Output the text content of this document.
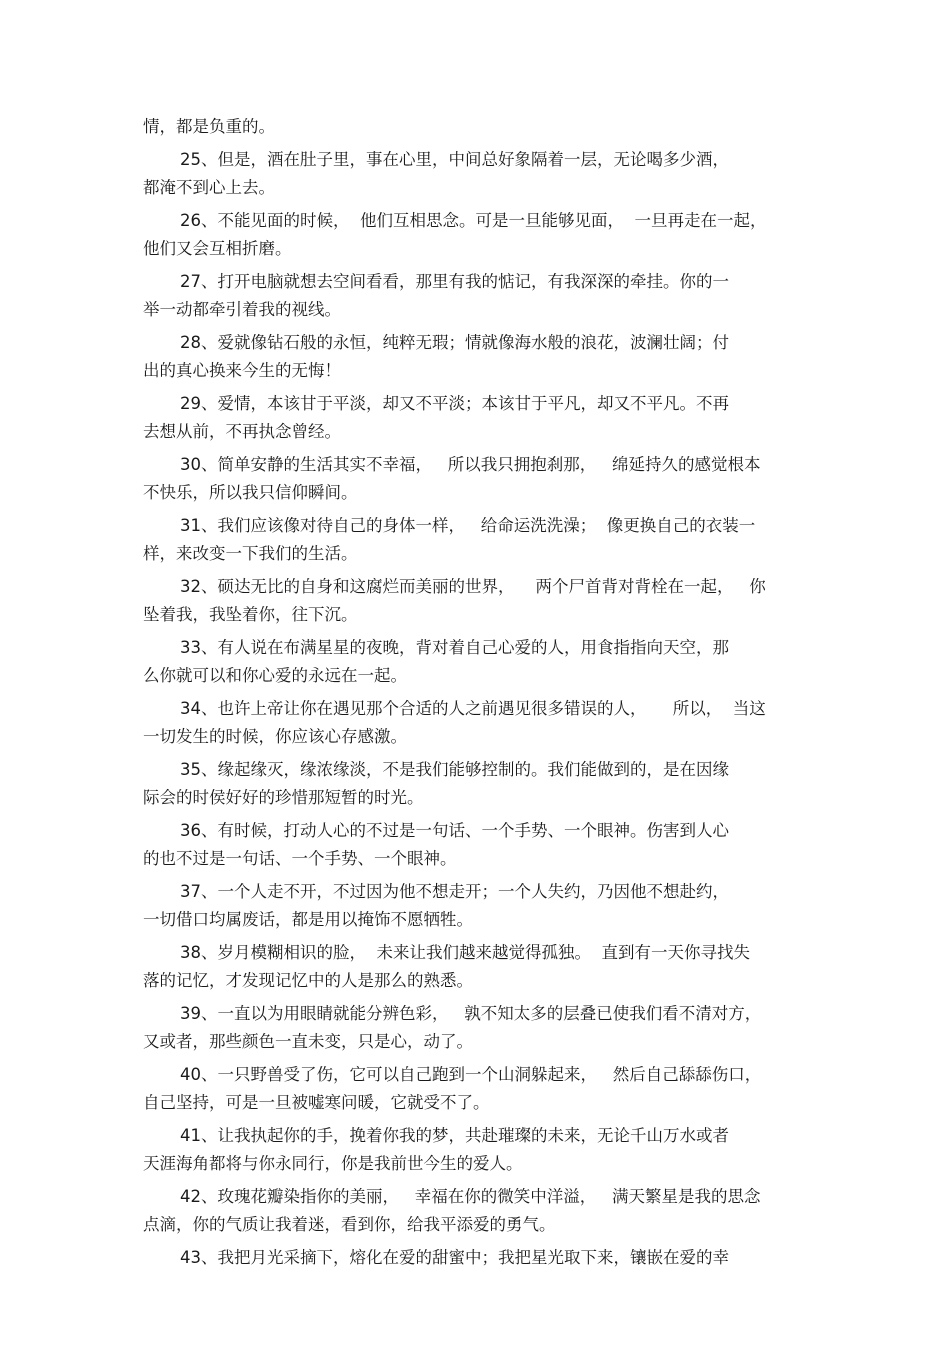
情，都是负重的。
25、但是，酒在肚子里，事在心里，中间总好象隔着一层，无论喝多少酒，
都淹不到心上去。
26、不能见面的时候，  他们互相思念。可是一旦能够见面，  一旦再走在一起，
他们又会互相折磨。
27、打开电脑就想去空间看看，那里有我的惦记，有我深深的牵挂。你的一
举一动都牵引着我的视线。
28、爱就像钻石般的永恒，纯粹无瑕；情就像海水般的浪花，波澜壮阔；付
出的真心换来今生的无悔！
29、爱情，本该甘于平淡，却又不平淡；本该甘于平凡，却又不平凡。不再
去想从前，不再执念曾经。
30、简单安静的生活其实不幸福，   所以我只拥抱刹那，   绵延持久的感觉根本
不快乐，所以我只信仰瞬间。
31、我们应该像对待自己的身体一样，   给命运洗洗澡；  像更换自己的衣装一
样，来改变一下我们的生活。
32、硕达无比的自身和这腐烂而美丽的世界，    两个尸首背对背栓在一起，   你
坠着我，我坠着你，往下沉。
33、有人说在布满星星的夜晚，背对着自己心爱的人，用食指指向天空，那
么你就可以和你心爱的永远在一起。
34、也许上帝让你在遇见那个合适的人之前遇见很多错误的人，     所以，  当这
一切发生的时候，你应该心存感激。
35、缘起缘灭，缘浓缘淡，不是我们能够控制的。我们能做到的，是在因缘
际会的时侯好好的珍惜那短暂的时光。
36、有时候，打动人心的不过是一句话、一个手势、一个眼神。伤害到人心
的也不过是一句话、一个手势、一个眼神。
37、一个人走不开，不过因为他不想走开；一个人失约，乃因他不想赴约，
一切借口均属废话，都是用以掩饰不愿牺牲。
38、岁月模糊相识的脸，  未来让我们越来越觉得孤独。  直到有一天你寻找失
落的记忆，才发现记忆中的人是那么的熟悉。
39、一直以为用眼睛就能分辨色彩，   孰不知太多的层叠已使我们看不清对方，
又或者，那些颜色一直未变，只是心，动了。
40、一只野兽受了伤，它可以自己跑到一个山洞躲起来，   然后自己舔舔伤口，
自己坚持，可是一旦被嘘寒问暖，它就受不了。
41、让我执起你的手，挽着你我的梦，共赴璀璨的未来，无论千山万水或者
天涯海角都将与你永同行，你是我前世今生的爱人。
42、玫瑰花瓣染指你的美丽，   幸福在你的微笑中洋溢，   满天繁星是我的思念
点滴，你的气质让我着迷，看到你，给我平添爱的勇气。
43、我把月光采摘下，熔化在爱的甜蜜中；我把星光取下来，镶嵌在爱的幸
